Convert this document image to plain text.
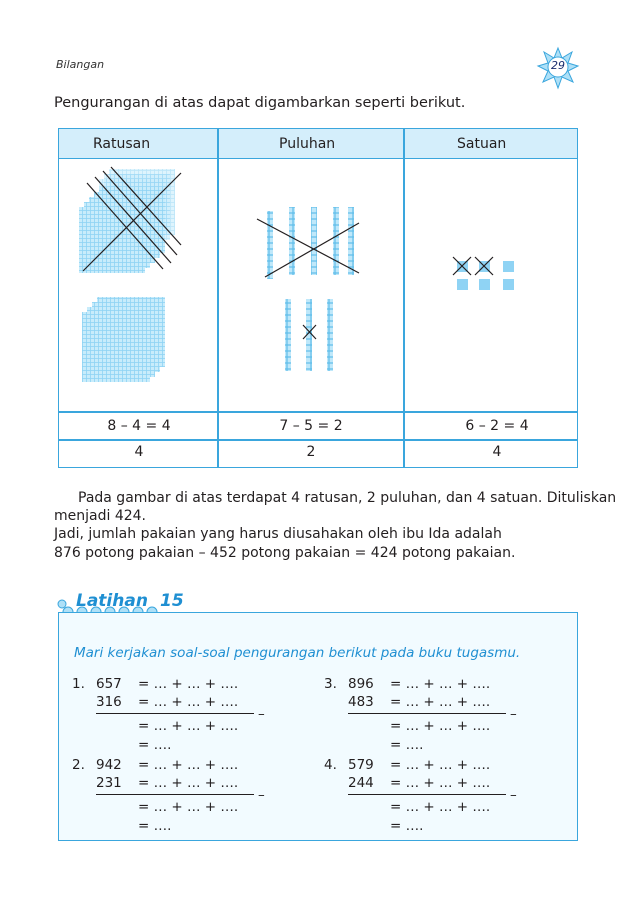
Bilangan	29
Pengurangan di atas dapat digambarkan seperti berikut.
Ratusan	Puluhan	Satuan
8 – 4 = 4	7 – 5 = 2	6 – 2 = 4
4	2	4
Pada gambar di atas terdapat 4 ratusan, 2 puluhan, dan 4 satuan. Dituliskan
menjadi 424.
Jadi, jumlah pakaian yang harus diusahakan oleh ibu Ida adalah
876 potong pakaian – 452 potong pakaian = 424 potong pakaian.
Latihan 15
Mari kerjakan soal-soal pengurangan berikut pada buku tugasmu.
1. 657 = … + … + ….
316 = … + … + ….
–
= … + … + ….
= ….
2. 942 = … + … + ….
231 = … + … + ….
–
= … + … + ….
= ….
3. 896 = … + … + ….
483 = … + … + ….
–
= … + … + ….
= ….
4. 579 = … + … + ….
244 = … + … + ….
–
= … + … + ….
= ….
